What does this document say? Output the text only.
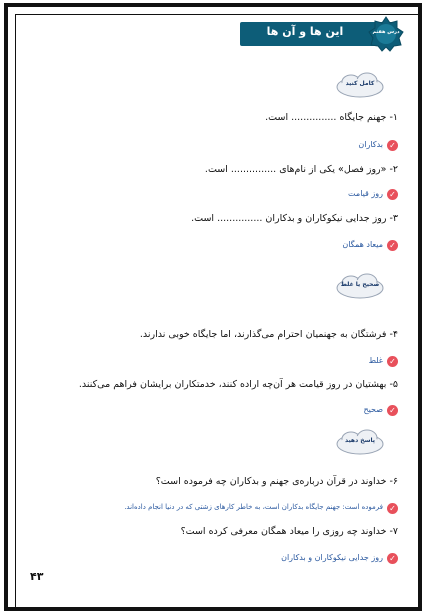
این ها و آن ها	درس هفتم
کامل کنید
۱- جهنم جایگاه ............... است.
✓
بدکاران
۲- «روز فصل» یکی از نام‌های ............... است.
✓
روز قیامت
۳- روز جدایی نیکوکاران و بدکاران ............... است.
✓
میعاد همگان
صحیح یا غلط
۴- فرشتگان به جهنمیان احترام می‌گذارند، اما جایگاه خوبی ندارند.
✓
غلط
۵- بهشتیان در روز قیامت هر آن‌چه اراده کنند، خدمتکاران برایشان فراهم می‌کنند.
✓
صحیح
پاسخ دهید
۶- خداوند در قرآن درباره‌ی جهنم و بدکاران چه فرموده است؟
✓
فرموده است: جهنم جایگاه بدکاران است، به خاطر کارهای زشتی که در دنیا انجام داده‌اند.
۷- خداوند چه روزی را میعاد همگان معرفی کرده است؟
✓
روز جدایی نیکوکاران و بدکاران
۴۳
